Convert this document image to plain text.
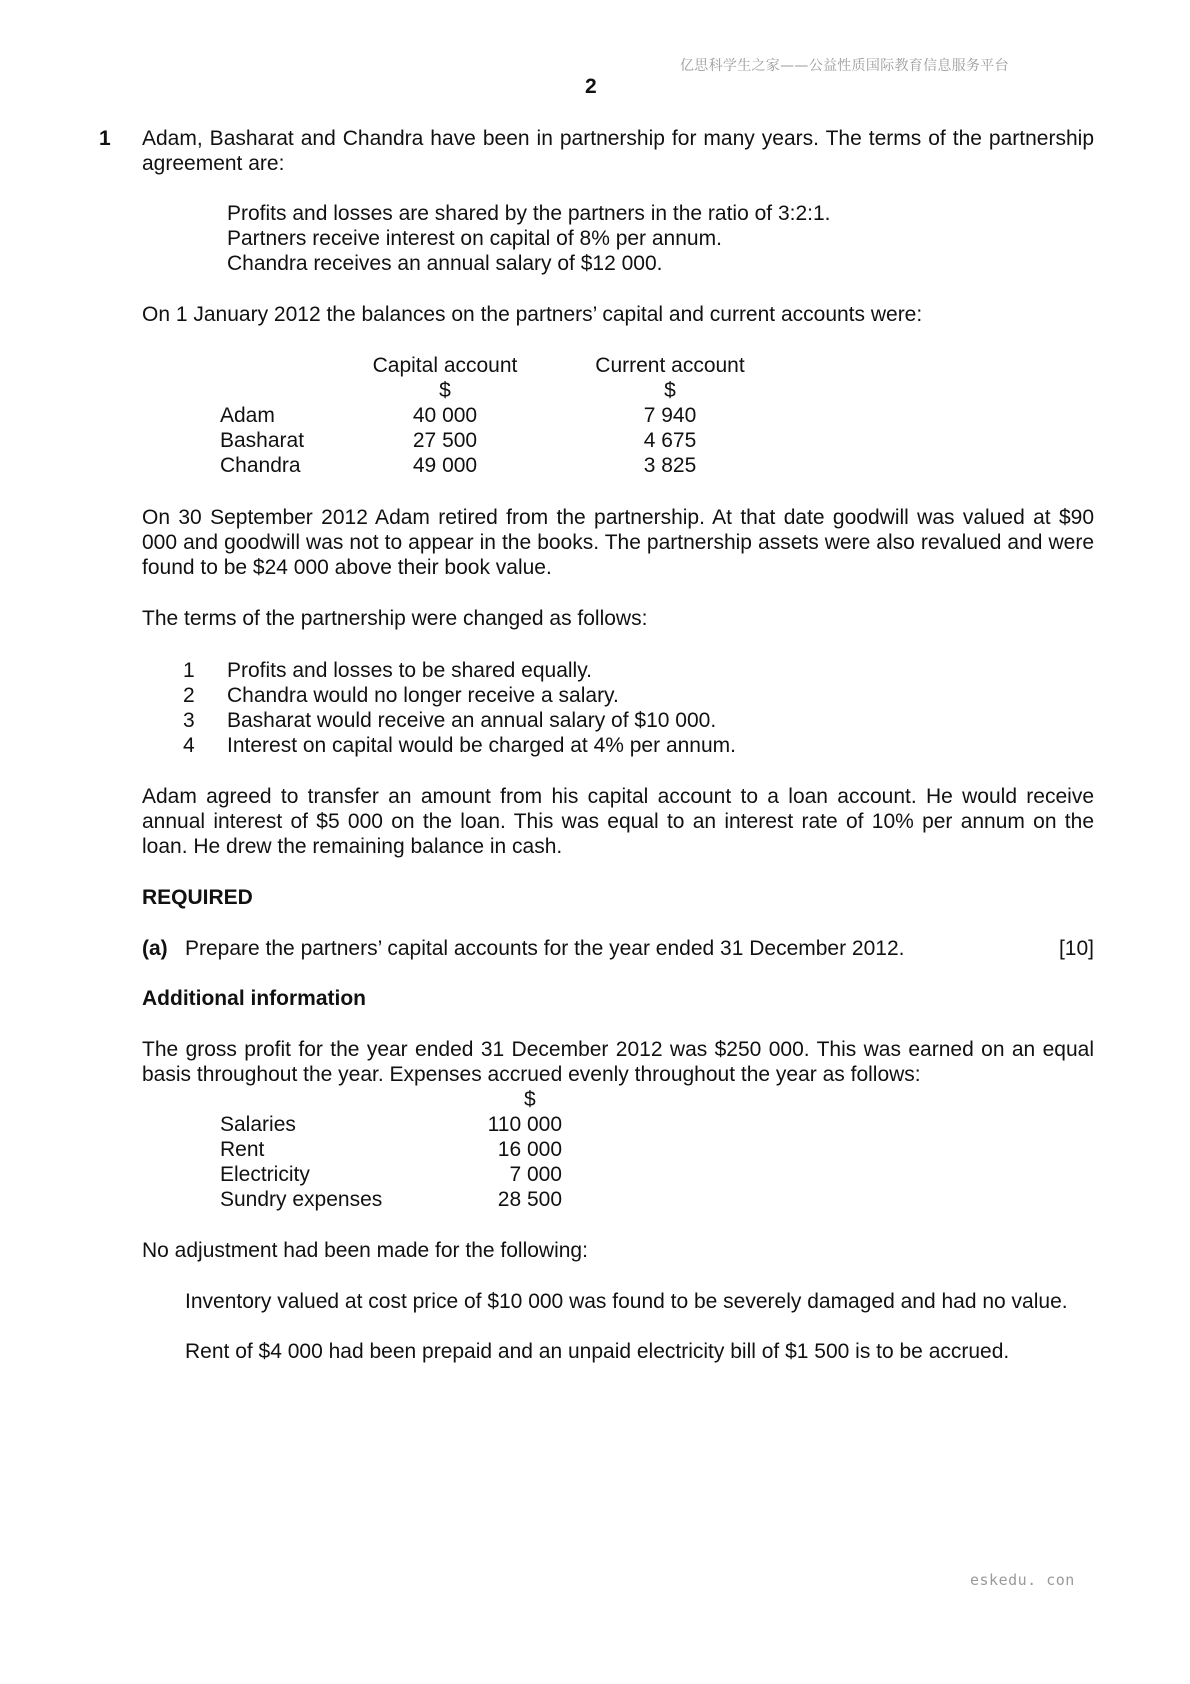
亿思科学生之家——公益性质国际教育信息服务平台
2
1 Adam, Basharat and Chandra have been in partnership for many years. The terms of the partnership agreement are:
Profits and losses are shared by the partners in the ratio of 3:2:1.
Partners receive interest on capital of 8% per annum.
Chandra receives an annual salary of $12 000.
On 1 January 2012 the balances on the partners’ capital and current accounts were:
	Capital account	Current account
	$	$
Adam	40 000	7 940
Basharat	27 500	4 675
Chandra	49 000	3 825
On 30 September 2012 Adam retired from the partnership. At that date goodwill was valued at $90 000 and goodwill was not to appear in the books. The partnership assets were also revalued and were found to be $24 000 above their book value.
The terms of the partnership were changed as follows:
1	Profits and losses to be shared equally.
2	Chandra would no longer receive a salary.
3	Basharat would receive an annual salary of $10 000.
4	Interest on capital would be charged at 4% per annum.
Adam agreed to transfer an amount from his capital account to a loan account. He would receive annual interest of $5 000 on the loan. This was equal to an interest rate of 10% per annum on the loan. He drew the remaining balance in cash.
REQUIRED
(a) Prepare the partners’ capital accounts for the year ended 31 December 2012.	[10]
Additional information
The gross profit for the year ended 31 December 2012 was $250 000. This was earned on an equal basis throughout the year. Expenses accrued evenly throughout the year as follows:
$
Salaries	110 000
Rent	16 000
Electricity	7 000
Sundry expenses	28 500
No adjustment had been made for the following:
Inventory valued at cost price of $10 000 was found to be severely damaged and had no value.
Rent of $4 000 had been prepaid and an unpaid electricity bill of $1 500 is to be accrued.
eskedu. con
